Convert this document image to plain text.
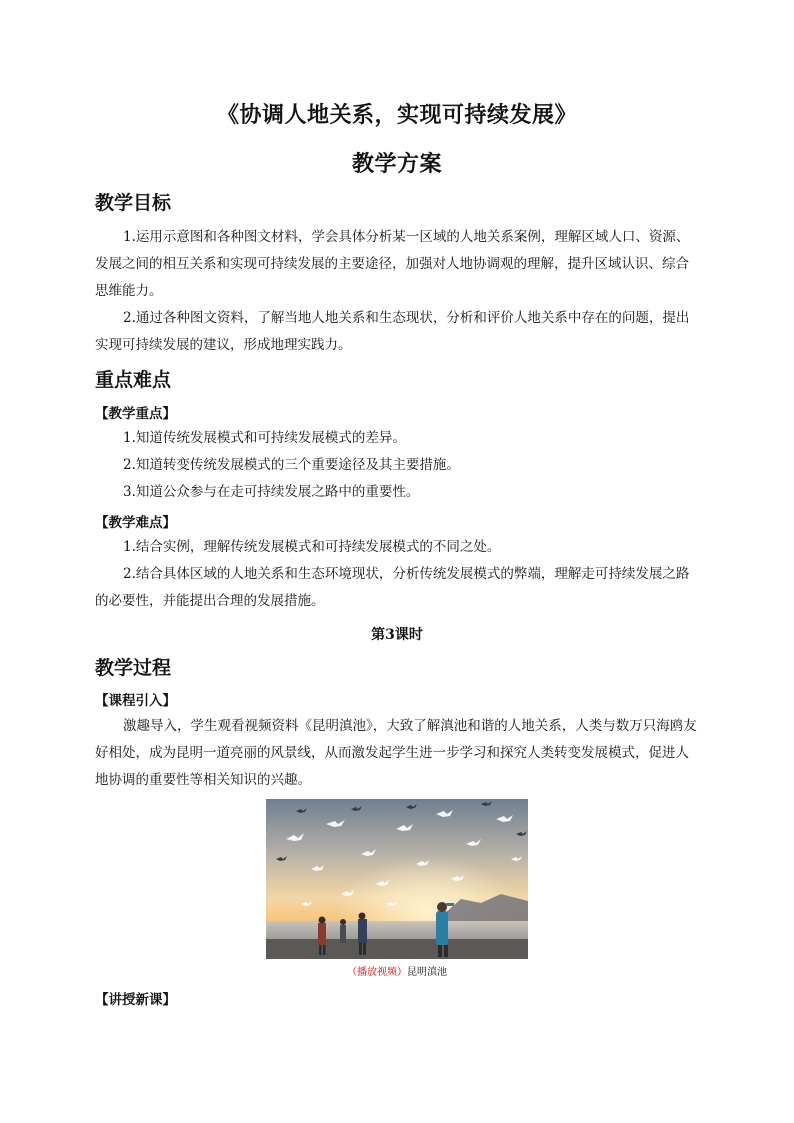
《协调人地关系，实现可持续发展》
教学方案
教学目标
1.运用示意图和各种图文材料，学会具体分析某一区域的人地关系案例，理解区域人口、资源、发展之间的相互关系和实现可持续发展的主要途径，加强对人地协调观的理解，提升区域认识、综合思维能力。
2.通过各种图文资料，了解当地人地关系和生态现状，分析和评价人地关系中存在的问题，提出实现可持续发展的建议，形成地理实践力。
重点难点
【教学重点】
1.知道传统发展模式和可持续发展模式的差异。
2.知道转变传统发展模式的三个重要途径及其主要措施。
3.知道公众参与在走可持续发展之路中的重要性。
【教学难点】
1.结合实例，理解传统发展模式和可持续发展模式的不同之处。
2.结合具体区域的人地关系和生态环境现状，分析传统发展模式的弊端，理解走可持续发展之路的必要性，并能提出合理的发展措施。
第3课时
教学过程
【课程引入】
激趣导入，学生观看视频资料《昆明滇池》，大致了解滇池和谐的人地关系，人类与数万只海鸥友好相处，成为昆明一道亮丽的风景线，从而激发起学生进一步学习和探究人类转变发展模式，促进人地协调的重要性等相关知识的兴趣。
（播放视频）昆明滇池
【讲授新课】
